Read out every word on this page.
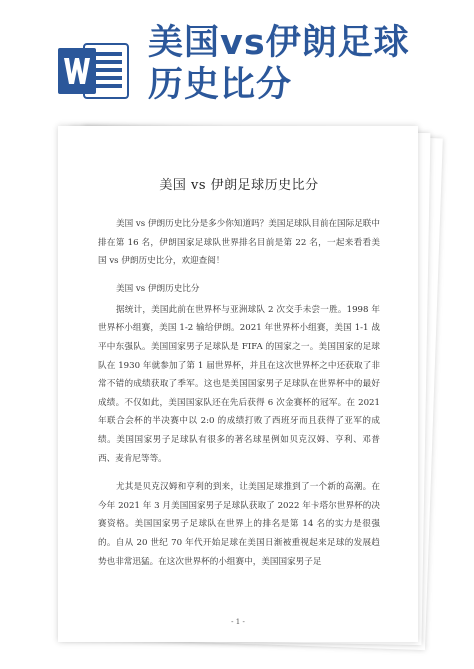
美国vs伊朗足球
历史比分
美国 vs 伊朗足球历史比分

美国 vs 伊朗历史比分是多少你知道吗？美国足球队目前在国际足联中排在第 16 名，伊朗国家足球队世界排名目前是第 22 名，一起来看看美国 vs 伊朗历史比分，欢迎查阅！

美国 vs 伊朗历史比分

据统计，美国此前在世界杯与亚洲球队 2 次交手未尝一胜。1998 年世界杯小组赛，美国 1-2 输给伊朗。2021 年世界杯小组赛，美国 1-1 战平中东强队。美国国家男子足球队是 FIFA 的国家之一。美国国家的足球队在 1930 年就参加了第 1 届世界杯，并且在这次世界杯之中还获取了非常不错的成绩获取了季军。这也是美国国家男子足球队在世界杯中的最好成绩。不仅如此，美国国家队还在先后获得 6 次金赛杯的冠军。在 2021 年联合会杯的半决赛中以 2:0 的成绩打败了西班牙而且获得了亚军的成绩。美国国家男子足球队有很多的著名球星例如贝克汉姆、亨利、邓普西、麦肯尼等等。

尤其是贝克汉姆和亨利的到来，让美国足球推到了一个新的高潮。在今年 2021 年 3 月美国国家男子足球队获取了 2022 年卡塔尔世界杯的决赛资格。美国国家男子足球队在世界上的排名是第 14 名的实力是很强的。自从 20 世纪 70 年代开始足球在美国日渐被重视起来足球的发展趋势也非常迅猛。在这次世界杯的小组赛中，美国国家男子足

- 1 -
